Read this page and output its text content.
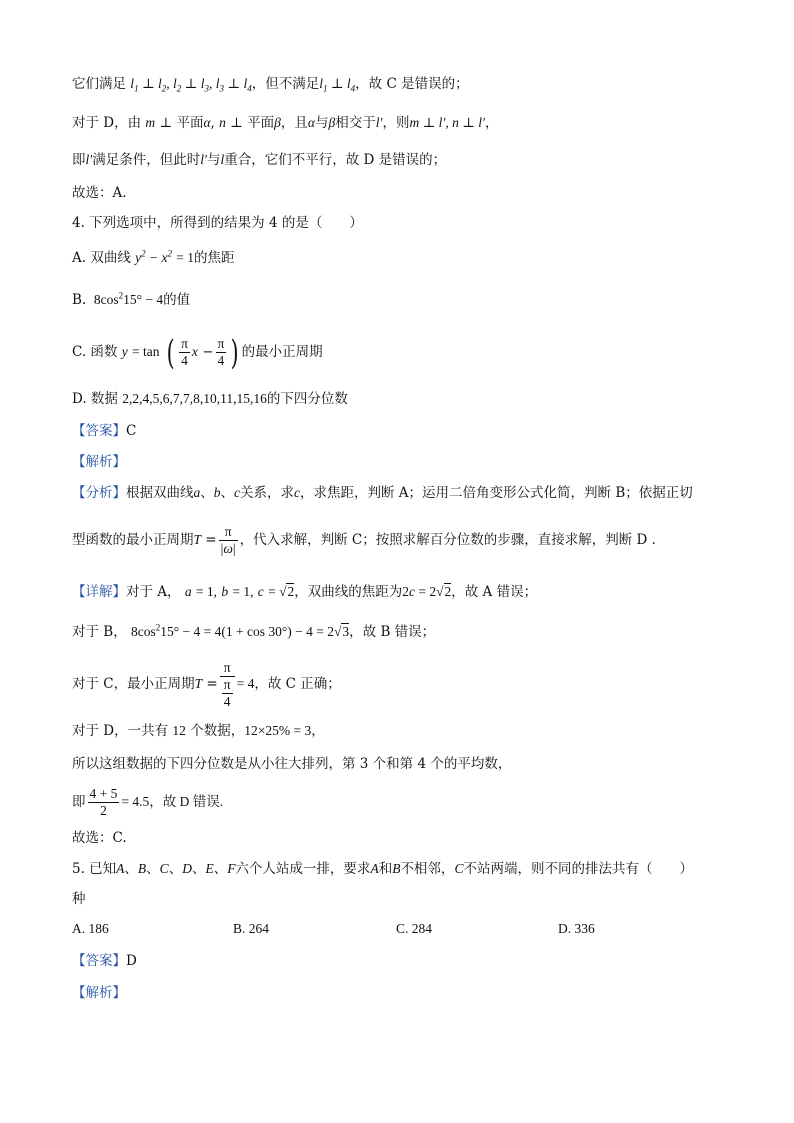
它们满足 $l_1$ ⊥ $l_2$, $l_2$ ⊥ $l_3$, $l_3$ ⊥ $l_4$，但不满足$l_1$ ⊥ $l_4$，故 C 是错误的；
对于 D，由 m ⊥ 平面α, n ⊥ 平面β，且α与β相交于l′，则m ⊥ l′, n ⊥ l′，
即l′满足条件，但此时l′与l重合，它们不平行，故 D 是错误的；
故选：A.
4. 下列选项中，所得到的结果为 4 的是（　　）
A. 双曲线 $y^2 - x^2 = 1$的焦距
B.  $8\cos^215^\circ - 4$的值
C. 函数 y = tan ( $\frac{\pi}{4}$ $x - \frac{\pi}{4}$ ) 的最小正周期
D. 数据 2,2,4,5,6,7,7,8,10,11,15,16的下四分位数
【答案】C
【解析】
【分析】根据双曲线a、b、c关系，求c，求焦距，判断 A；运用二倍角变形公式化简，判断 B；依据正切
型函数的最小正周期$T = \frac{\pi}{|\omega|}$ ，代入求解，判断 C；按照求解百分位数的步骤，直接求解，判断 D .
【详解】对于 A， a = 1, b = 1, c = √2，双曲线的焦距为2c = 2√2，故 A 错误；
对于 B， $8\cos^215^\circ - 4 = 4(1 + \cos 30^\circ) - 4 = 2√3$，故 B 错误；
对于 C，最小正周期$T = \frac{\pi}{\frac{\pi}{4}} = 4$，故 C 正确；
对于 D，一共有 12 个数据，12×25% = 3，
所以这组数据的下四分位数是从小往大排列，第 3 个和第 4 个的平均数，
即 $\frac{4 + 5}{2} = 4.5$，故 D 错误.
故选：C.
5. 已知A、B、C、D、E、F六个人站成一排，要求A和B不相邻，C不站两端，则不同的排法共有（　　）
种
A. 186	B. 264	C. 284	D. 336
【答案】D
【解析】
